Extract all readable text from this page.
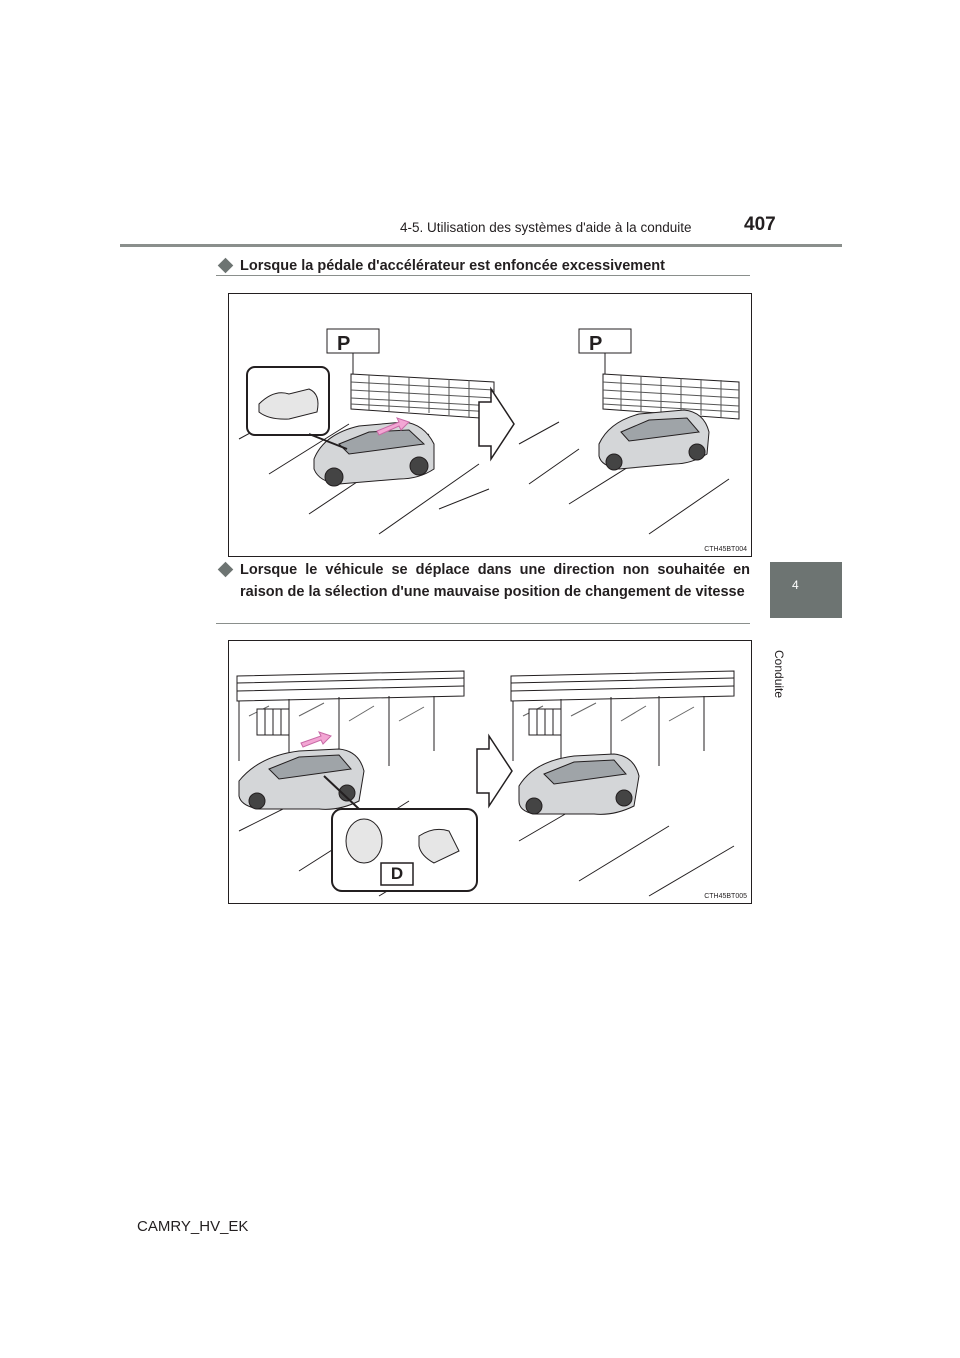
4-5. Utilisation des systèmes d'aide à la conduite	407
4
Conduite
Lorsque la pédale d'accélérateur est enfoncée excessivement
P	P
CTH45BT004
Lorsque le véhicule se déplace dans une direction non souhaitée en raison de la sélection d'une mauvaise position de changement de vitesse
D
CTH45BT005
CAMRY_HV_EK
